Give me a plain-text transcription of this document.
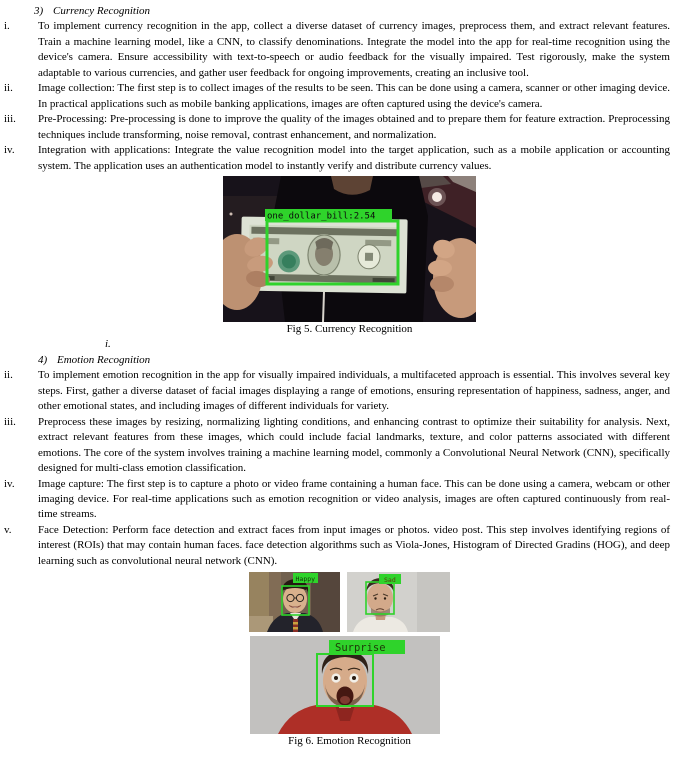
3) Currency Recognition
i.	To implement currency recognition in the app, collect a diverse dataset of currency images, preprocess them, and extract relevant features. Train a machine learning model, like a CNN, to classify denominations. Integrate the model into the app for real-time recognition using the device's camera. Ensure accessibility with text-to-speech or audio feedback for the visually impaired. Test rigorously, make the system adaptable to various currencies, and gather user feedback for ongoing improvements, creating an inclusive tool.
ii.	Image collection: The first step is to collect images of the results to be seen. This can be done using a camera, scanner or other imaging device. In practical applications such as mobile banking applications, images are often captured using the device's camera.
iii.	Pre-Processing: Pre-processing is done to improve the quality of the images obtained and to prepare them for feature extraction. Preprocessing techniques include transforming, noise removal, contrast enhancement, and normalization.
iv.	Integration with applications: Integrate the value recognition model into the target application, such as a mobile application or accounting system. The application uses an authentication model to instantly verify and distribute currency values.
one_dollar_bill:2.54
Fig 5. Currency Recognition
i.
4) Emotion Recognition
ii.	To implement emotion recognition in the app for visually impaired individuals, a multifaceted approach is essential. This involves several key steps. First, gather a diverse dataset of facial images displaying a range of emotions, ensuring representation of happiness, sadness, anger, and other emotional states, and including images of different individuals for variety.
iii.	Preprocess these images by resizing, normalizing lighting conditions, and enhancing contrast to optimize their suitability for analysis. Next, extract relevant features from these images, which could include facial landmarks, texture, and color patterns associated with different emotions. The core of the system involves training a machine learning model, commonly a Convolutional Neural Network (CNN), specifically designed for multi-class emotion classification.
iv.	Image capture: The first step is to capture a photo or video frame containing a human face. This can be done using a camera, webcam or other imaging device. For real-time applications such as emotion recognition or video analysis, images are often captured continuously from real-time streams.
v.	Face Detection: Perform face detection and extract faces from input images or photos. video post. This step involves identifying regions of interest (ROIs) that may contain human faces. face detection algorithms such as Viola-Jones, Histogram of Directed Gradins (HOG), and deep learning such as convolutional neural network (CNN).
Happy	Sad
Surprise
Fig 6. Emotion Recognition
